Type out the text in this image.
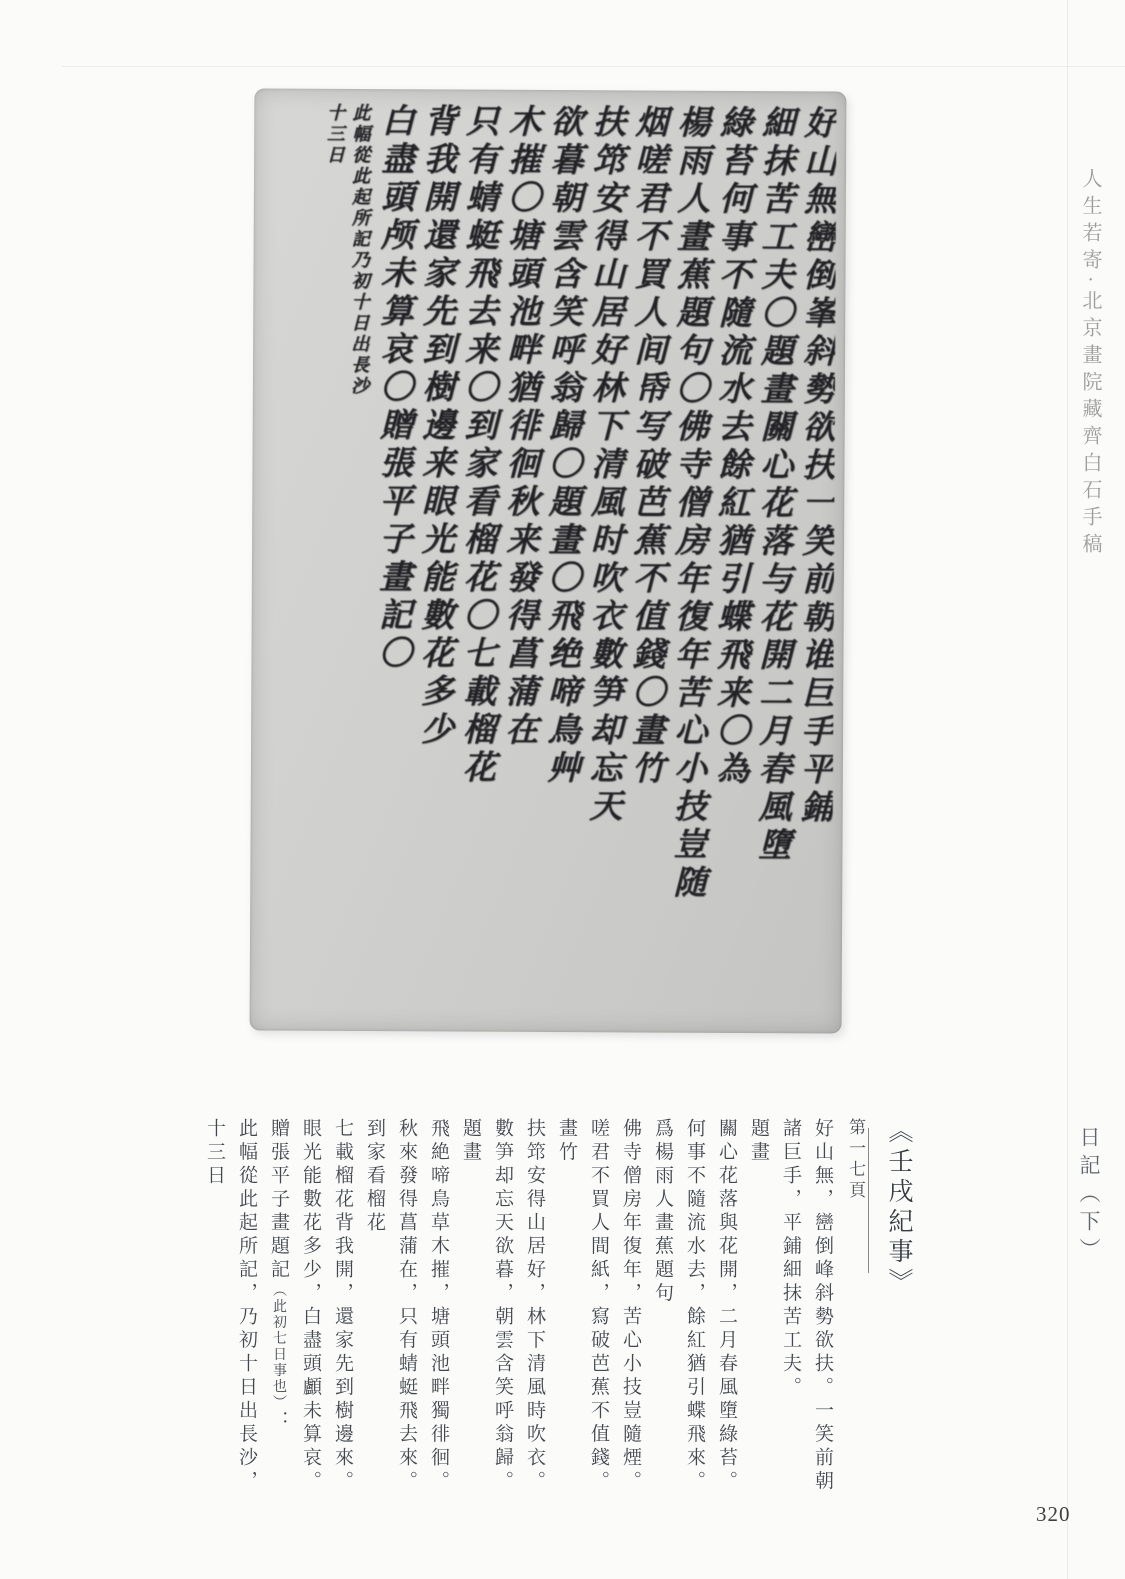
好山無巒倒峯斜勢欲扶一笑前朝谁巨手平鋪
細抹苦工夫〇題畫關心花落与花開二月春風墮
綠苔何事不隨流水去餘紅猶引蝶飛来〇為
楊雨人畫蕉題句〇佛寺僧房年復年苦心小技豈随
烟嗟君不買人间帋写破芭蕉不值錢〇畫竹
扶筇安得山居好林下清風时吹衣數笋却忘天
欲暮朝雲含笑呼翁歸〇題畫〇飛绝啼鳥艸
木摧〇塘頭池畔猶徘徊秋来發得菖蒲在
只有蜻蜓飛去来〇到家看榴花〇七載榴花
背我開還家先到樹邊来眼光能數花多少
白盡頭颅未算哀〇贈張平子畫記〇
此幅從此起所記乃初十日出長沙
十三日
人生若寄·北京畫院藏齊白石手稿
日記（下）
《壬戌紀事》
第一七頁
好山無，巒倒峰斜勢欲扶。一笑前朝
諸巨手，平鋪細抹苦工夫。
題畫
關心花落與花開，二月春風墮綠苔。
何事不隨流水去，餘紅猶引蝶飛來。
爲楊雨人畫蕉題句
佛寺僧房年復年，苦心小技豈隨煙。
嗟君不買人間紙，寫破芭蕉不值錢。
畫竹
扶筇安得山居好，林下清風時吹衣。
數笋却忘天欲暮，朝雲含笑呼翁歸。
題畫
飛絶啼鳥草木摧，塘頭池畔獨徘徊。
秋來發得菖蒲在，只有蜻蜓飛去來。
到家看榴花
七載榴花背我開，還家先到樹邊來。
眼光能數花多少，白盡頭顱未算哀。
贈張平子畫題記（此初七日事也）：
此幅從此起所記，乃初十日出長沙，
十三日
320
